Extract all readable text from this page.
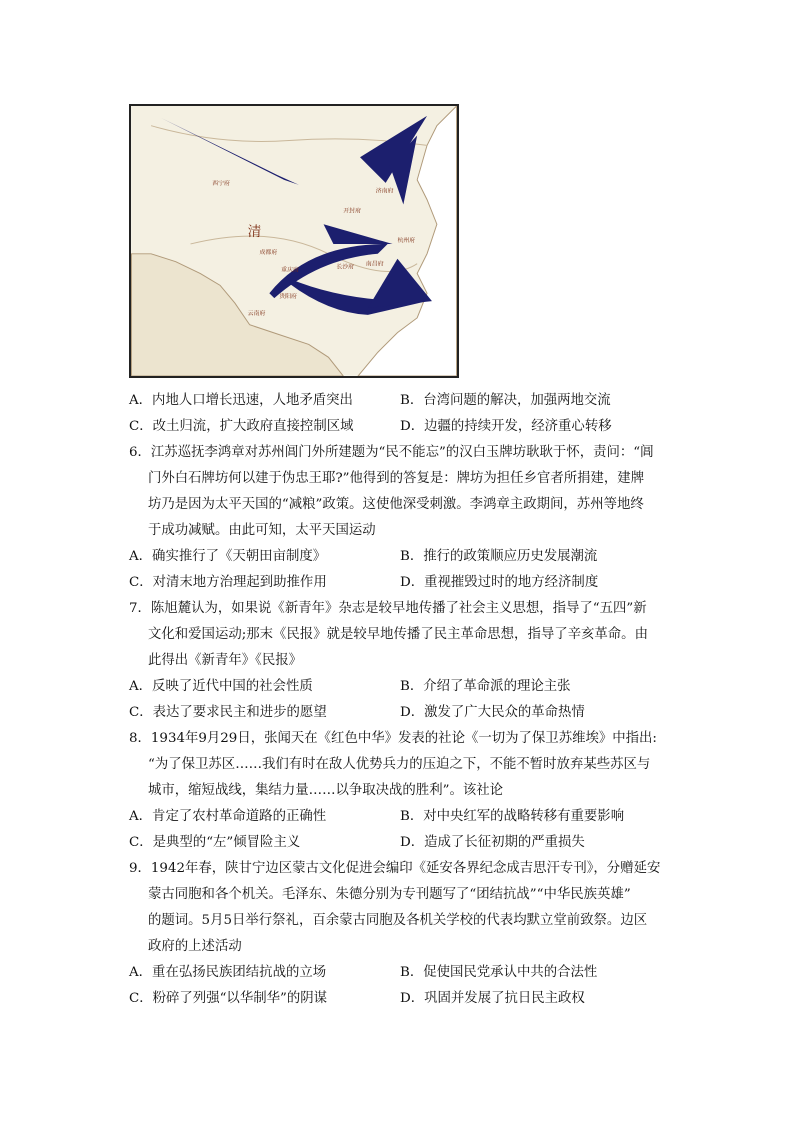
清
西宁府
成都府
重庆府
贵阳府
云南府
长沙府 南昌府
杭州府
开封府
济南府
A．内地人口增长迅速，人地矛盾突出	B．台湾问题的解决，加强两地交流
C．改土归流，扩大政府直接控制区域	D．边疆的持续开发，经济重心转移
6．江苏巡抚李鸿章对苏州阊门外所建题为“民不能忘”的汉白玉牌坊耿耿于怀，责问：“阊
门外白石牌坊何以建于伪忠王耶?”他得到的答复是：牌坊为担任乡官者所捐建，建牌
坊乃是因为太平天国的“减粮”政策。这使他深受刺激。李鸿章主政期间，苏州等地终
于成功减赋。由此可知，太平天国运动
A．确实推行了《天朝田亩制度》	B．推行的政策顺应历史发展潮流
C．对清末地方治理起到助推作用	D．重视摧毁过时的地方经济制度
7．陈旭麓认为，如果说《新青年》杂志是较早地传播了社会主义思想，指导了“五四”新
文化和爱国运动;那末《民报》就是较早地传播了民主革命思想，指导了辛亥革命。由
此得出《新青年》《民报》
A．反映了近代中国的社会性质	B．介绍了革命派的理论主张
C．表达了要求民主和进步的愿望	D．激发了广大民众的革命热情
8．1934年9月29日，张闻天在《红色中华》发表的社论《一切为了保卫苏维埃》中指出:
“为了保卫苏区……我们有时在敌人优势兵力的压迫之下，不能不暂时放弃某些苏区与
城市，缩短战线，集结力量……以争取决战的胜利”。该社论
A．肯定了农村革命道路的正确性	B．对中央红军的战略转移有重要影响
C．是典型的“左”倾冒险主义	D．造成了长征初期的严重损失
9．1942年春，陕甘宁边区蒙古文化促进会编印《延安各界纪念成吉思汗专刊》，分赠延安
蒙古同胞和各个机关。毛泽东、朱德分别为专刊题写了“团结抗战”“中华民族英雄”
的题词。5月5日举行祭礼，百余蒙古同胞及各机关学校的代表均默立堂前致祭。边区
政府的上述活动
A．重在弘扬民族团结抗战的立场	B．促使国民党承认中共的合法性
C．粉碎了列强“以华制华”的阴谋	D．巩固并发展了抗日民主政权
